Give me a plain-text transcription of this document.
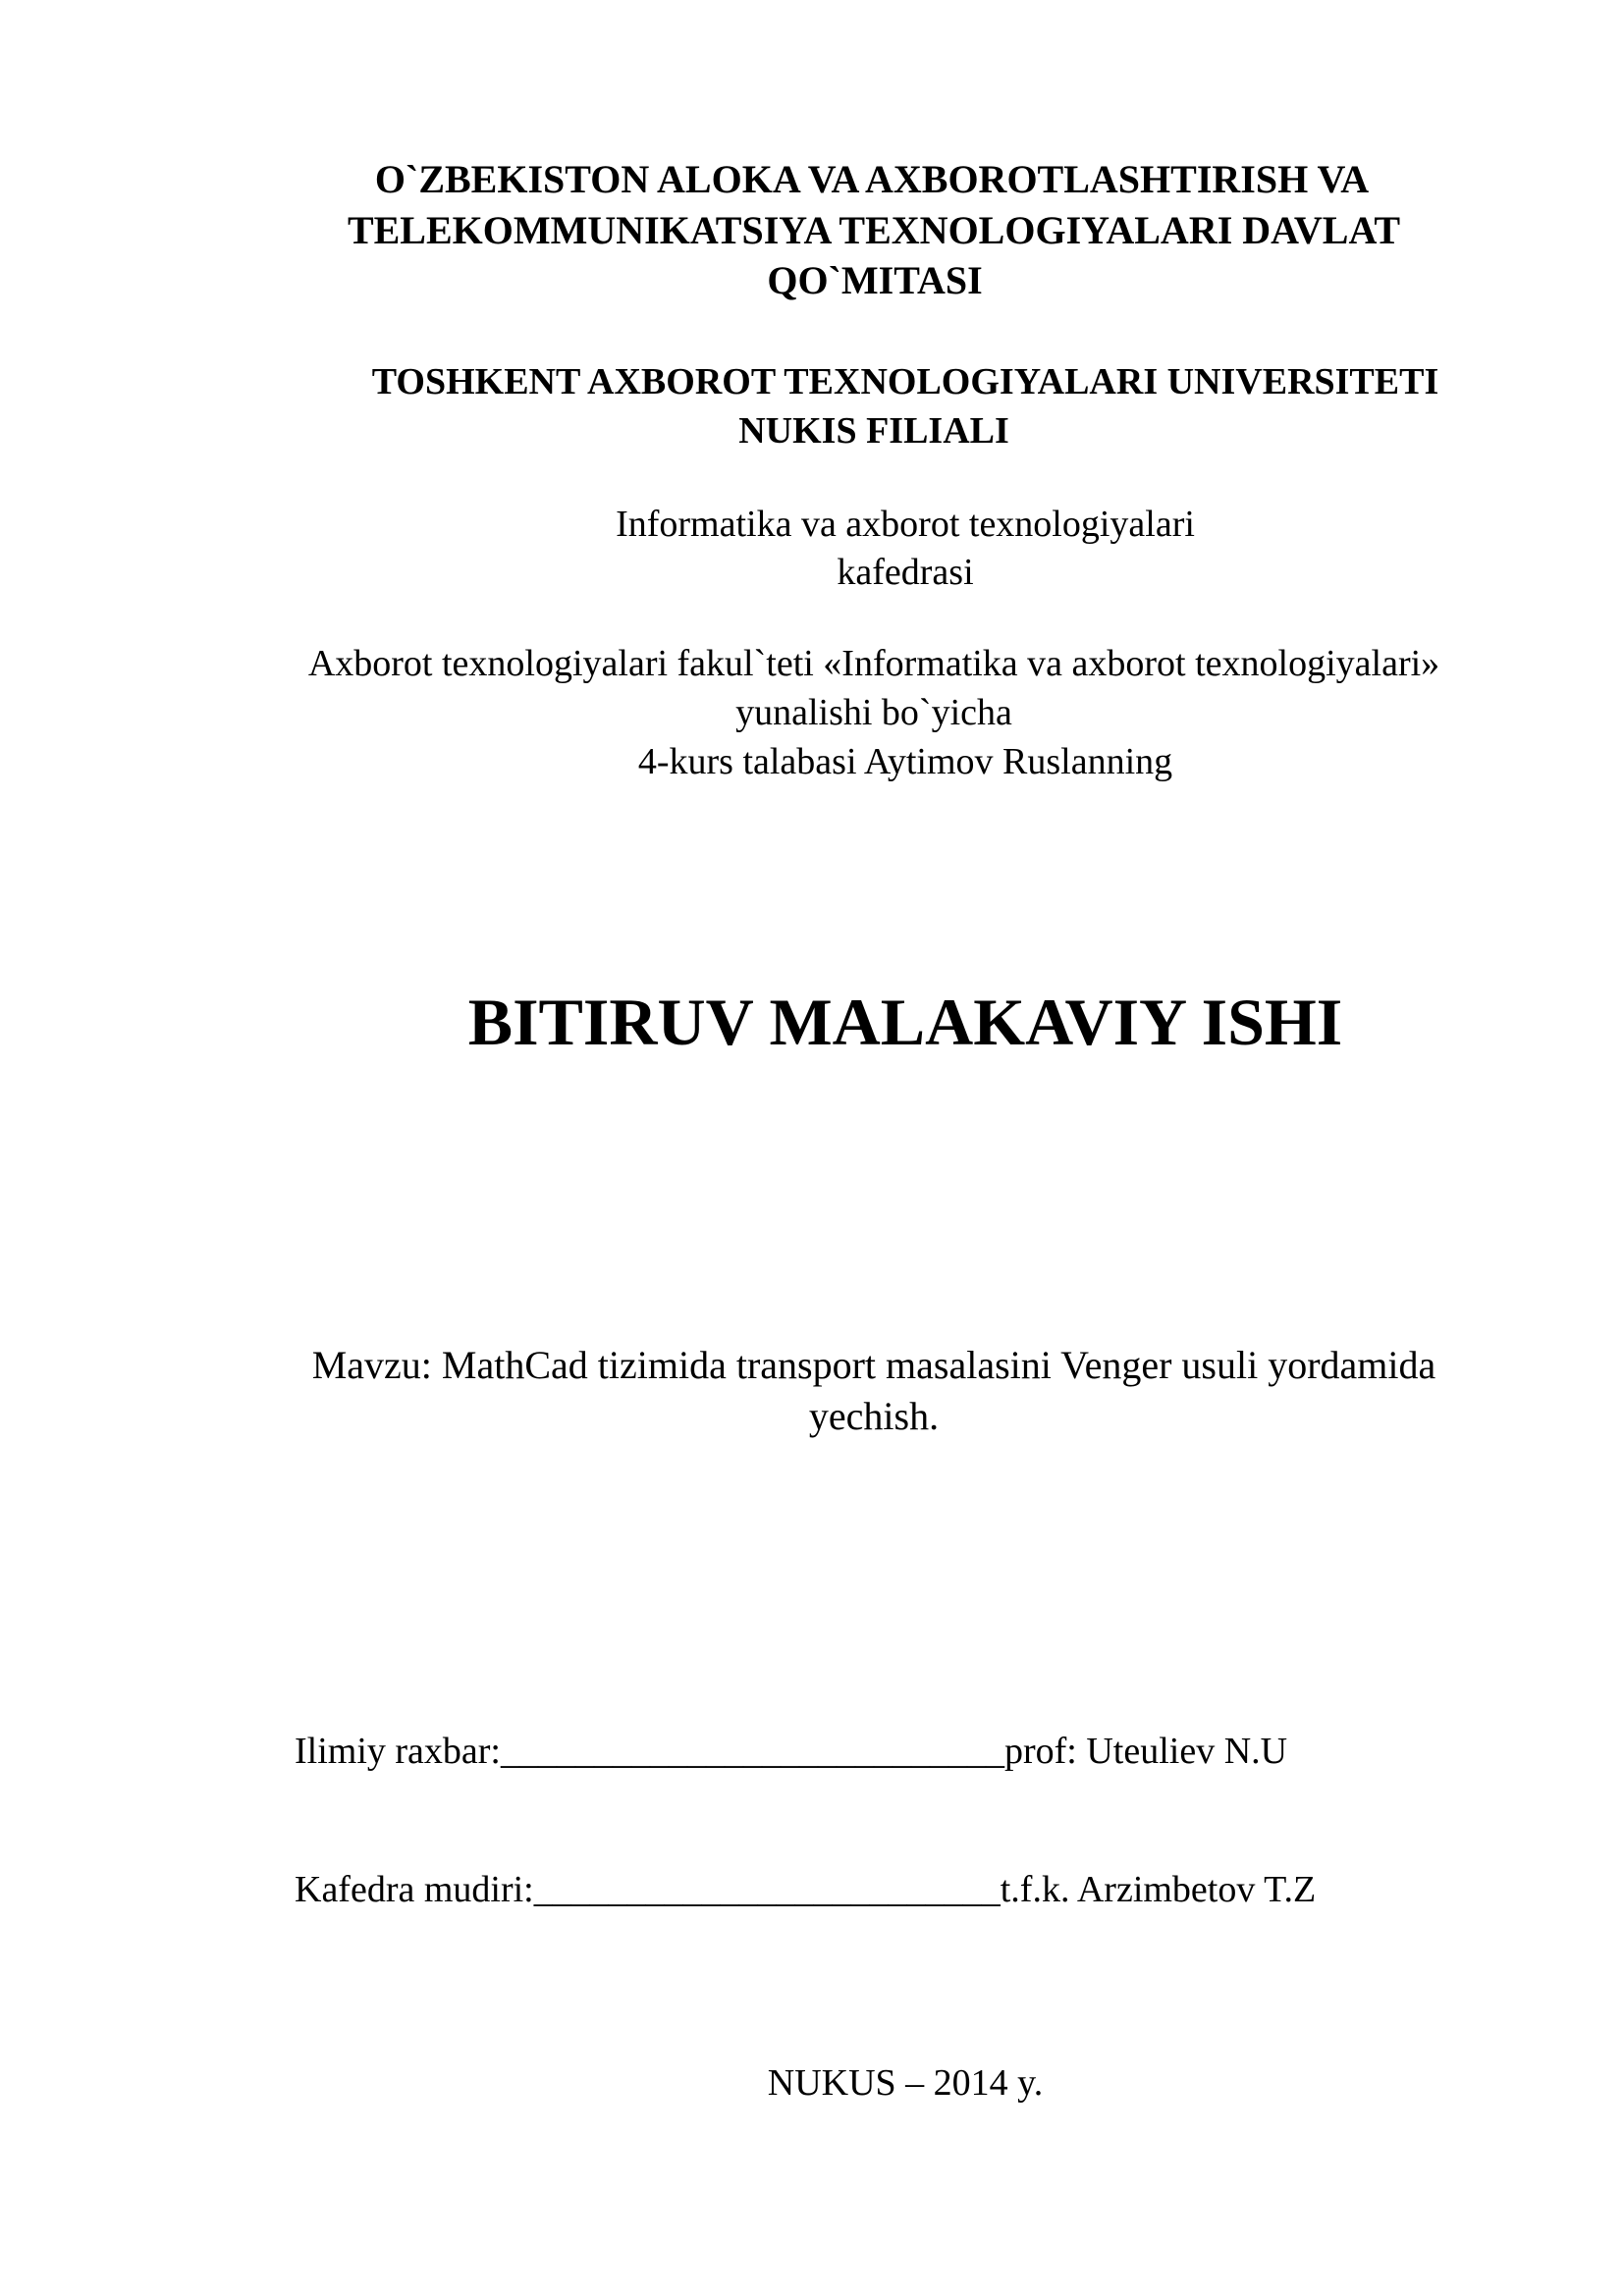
O`ZBEKISTON ALOKA VA AXBOROTLASHTIRISH VA
TELEKOMMUNIKATSIYA TEXNOLOGIYALARI DAVLAT
QO`MITASI
TOSHKENT AXBOROT TEXNOLOGIYALARI UNIVERSITETI
NUKIS FILIALI
Informatika va axborot texnologiyalari
kafedrasi
Axborot texnologiyalari fakul`teti «Informatika va axborot texnologiyalari»
yunalishi bo`yicha
4-kurs talabasi Aytimov Ruslanning
BITIRUV MALAKAVIY ISHI
Mavzu: MathCad tizimida transport masalasini Venger usuli yordamida
yechish.
Ilimiy raxbar:___________________________prof: Uteuliev N.U
Kafedra mudiri:_________________________t.f.k. Arzimbetov T.Z
NUKUS – 2014 y.
